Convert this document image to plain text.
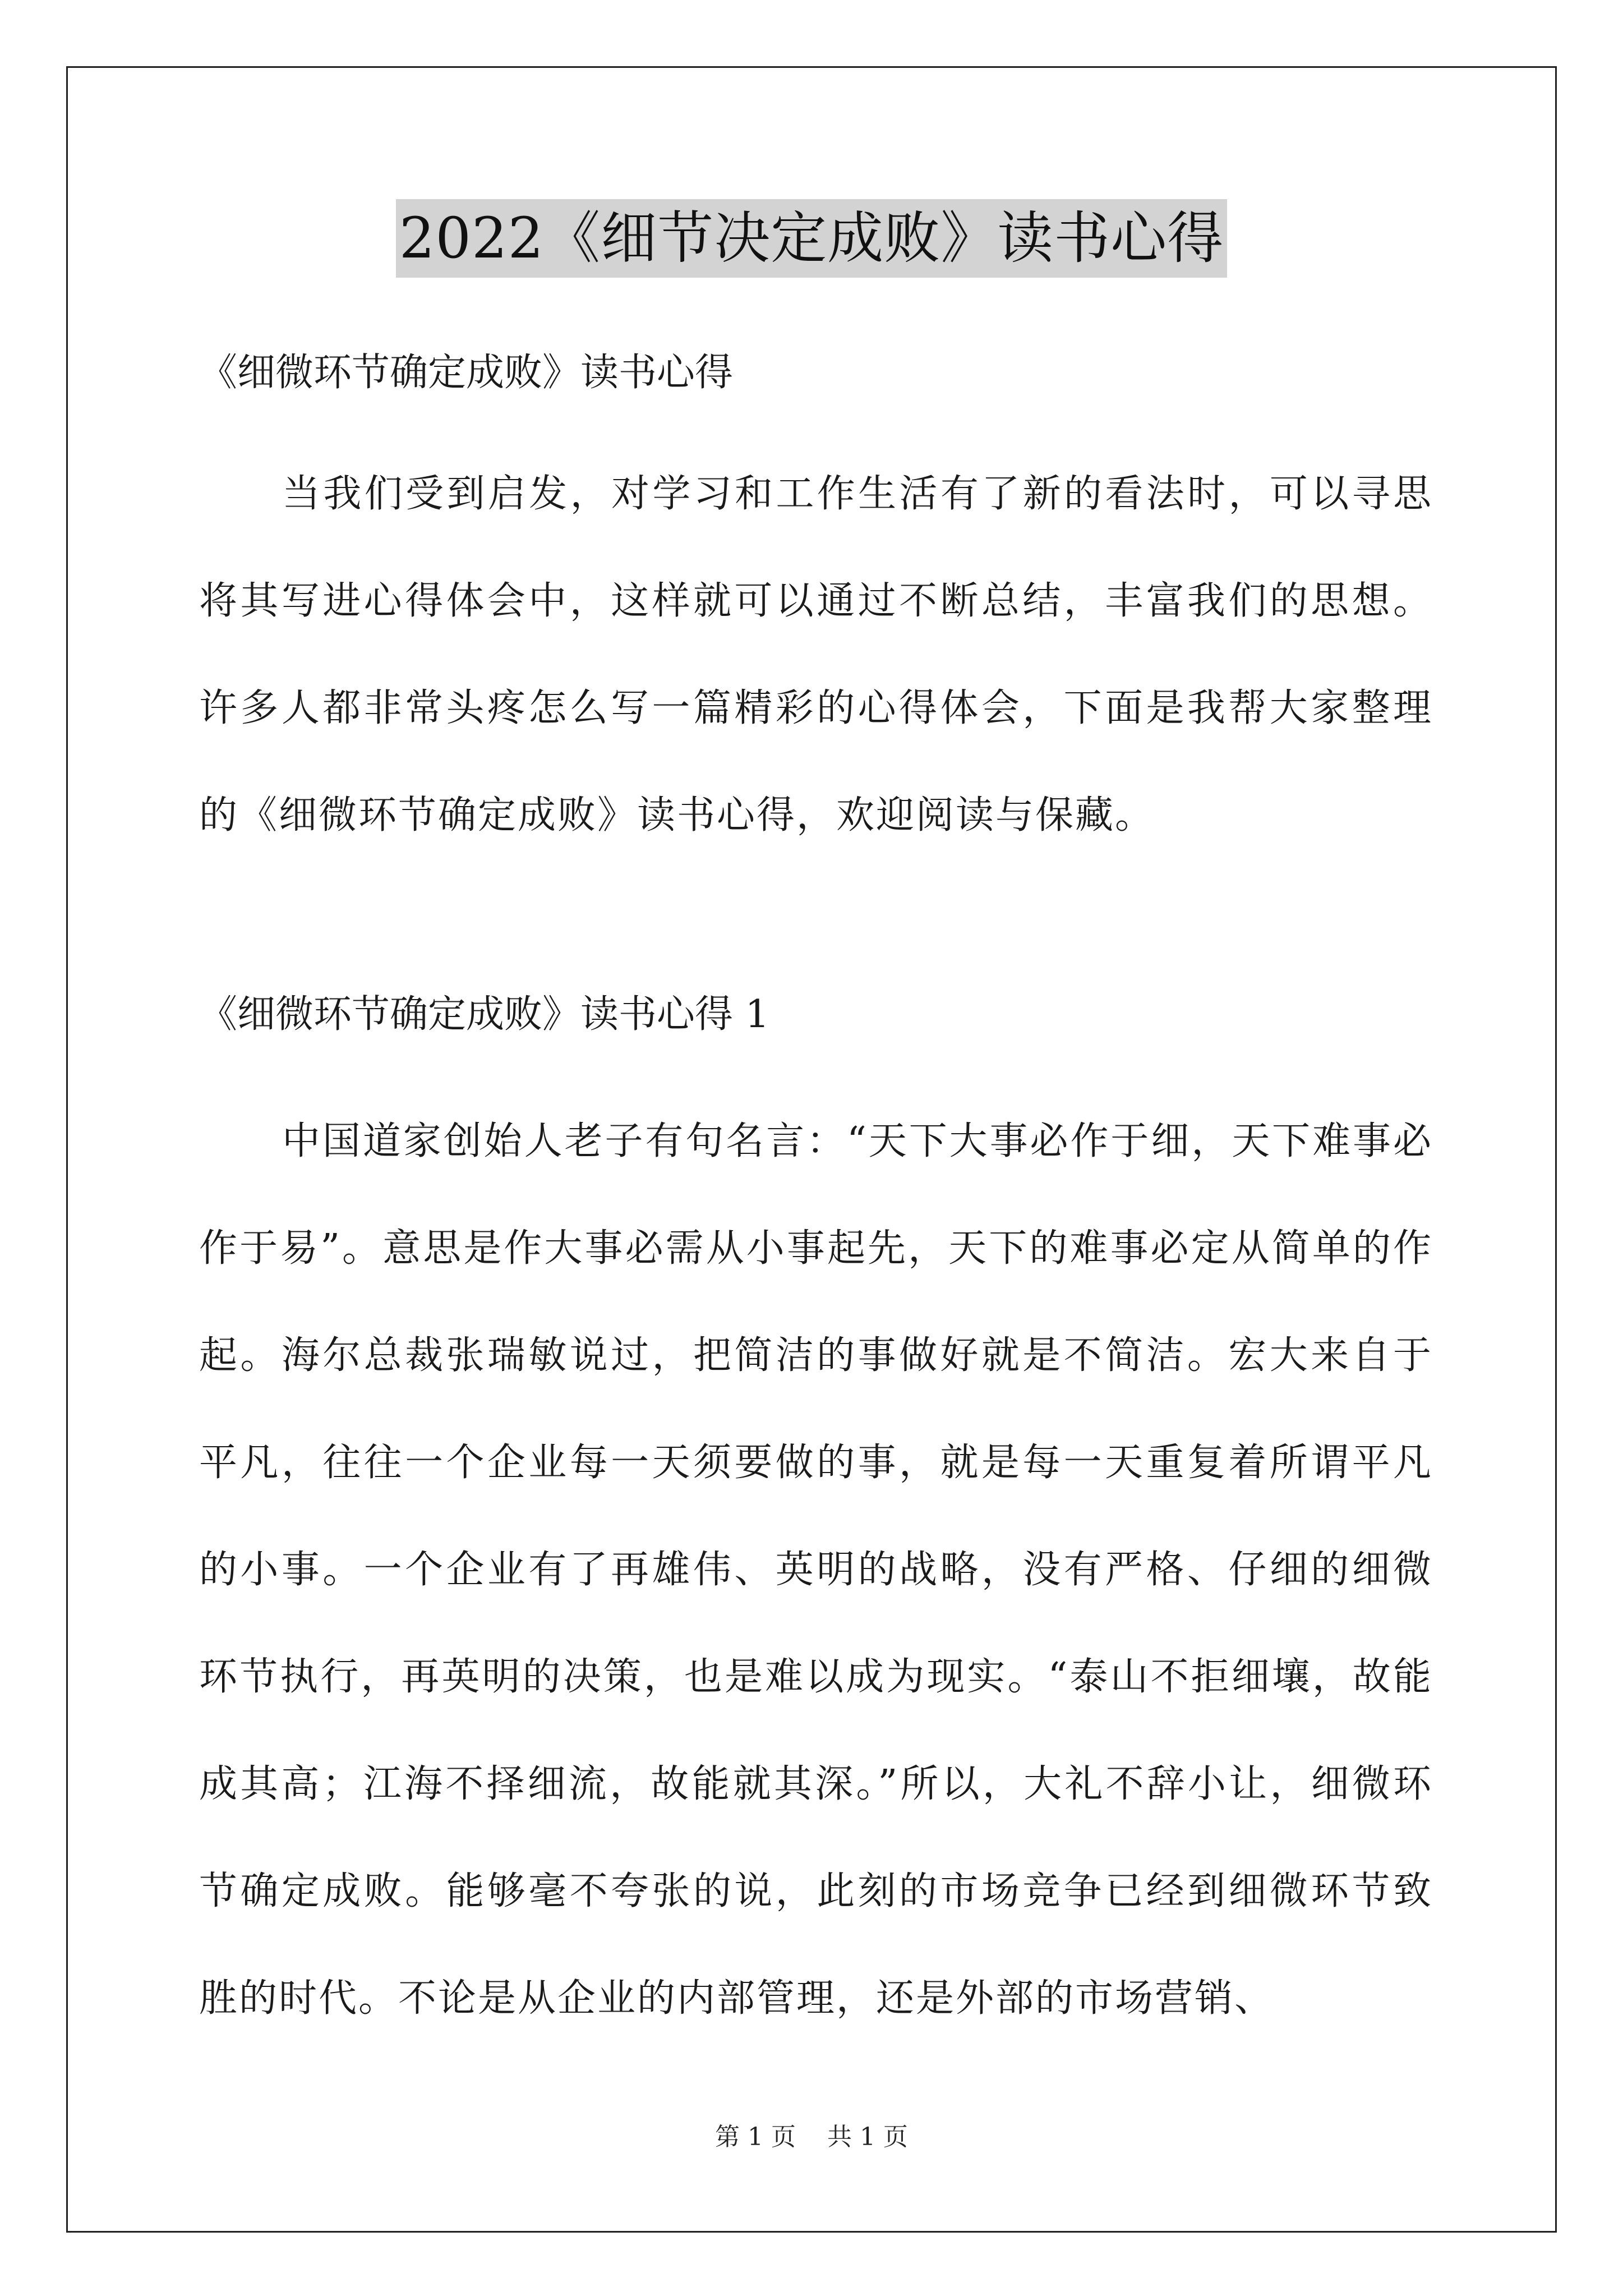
2022《细节决定成败》读书心得

《细微环节确定成败》读书心得

当我们受到启发，对学习和工作生活有了新的看法时，可以寻思将其写进心得体会中，这样就可以通过不断总结，丰富我们的思想。许多人都非常头疼怎么写一篇精彩的心得体会，下面是我帮大家整理的《细微环节确定成败》读书心得，欢迎阅读与保藏。

《细微环节确定成败》读书心得 1

中国道家创始人老子有句名言：“天下大事必作于细，天下难事必作于易”。意思是作大事必需从小事起先，天下的难事必定从简单的作起。海尔总裁张瑞敏说过，把简洁的事做好就是不简洁。宏大来自于平凡，往往一个企业每一天须要做的事，就是每一天重复着所谓平凡的小事。一个企业有了再雄伟、英明的战略，没有严格、仔细的细微环节执行，再英明的决策，也是难以成为现实。“泰山不拒细壤，故能成其高；江海不择细流，故能就其深。”所以，大礼不辞小让，细微环节确定成败。能够毫不夸张的说，此刻的市场竞争已经到细微环节致胜的时代。不论是从企业的内部管理，还是外部的市场营销、

第 1 页    共 1 页
